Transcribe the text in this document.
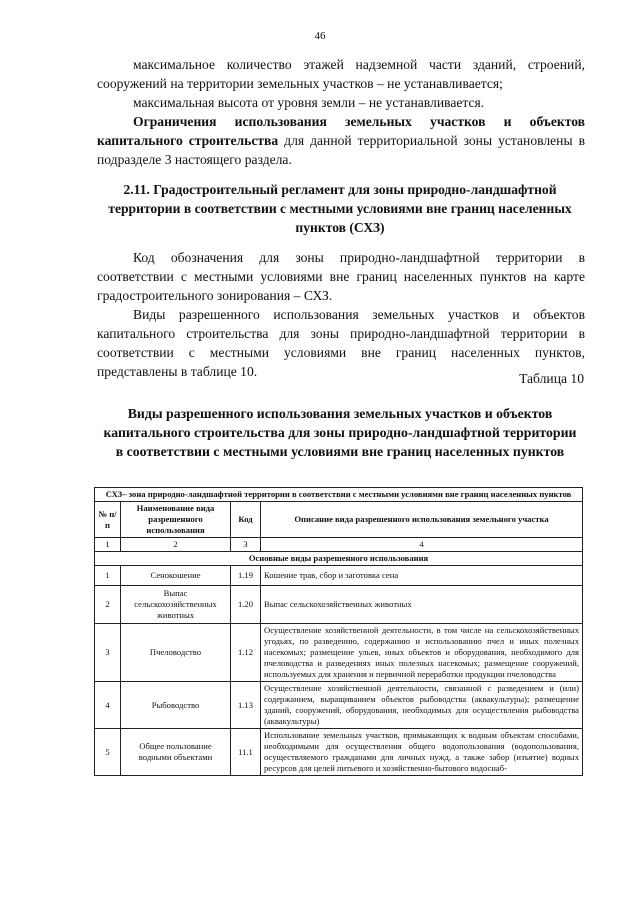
46

максимальное количество этажей надземной части зданий, строений, сооружений на территории земельных участков – не устанавливается;

максимальная высота от уровня земли – не устанавливается.

Ограничения использования земельных участков и объектов капитального строительства для данной территориальной зоны установлены в подразделе 3 настоящего раздела.

2.11. Градостроительный регламент для зоны природно-ландшафтной территории в соответствии с местными условиями вне границ населенных пунктов (СХЗ)

Код обозначения для зоны природно-ландшафтной территории в соответствии с местными условиями вне границ населенных пунктов на карте градостроительного зонирования – СХЗ.

Виды разрешенного использования земельных участков и объектов капитального строительства для зоны природно-ландшафтной территории в соответствии с местными условиями вне границ населенных пунктов, представлены в таблице 10.	Таблица 10
Виды разрешенного использования земельных участков и объектов капитального строительства для зоны природно-ландшафтной территории в соответствии с местными условиями вне границ населенных пунктов
СХЗ– зона природно-ландшафтной территории в соответствии с местными условиями вне границ населенных пунктов			
№ п/п	Наименование вида разрешенного использования	Код	Описание вида разрешенного использования земельного участка
1	2	3	4
Основные виды разрешенного использования			
1	Сенокошение	1.19	Кошение трав, сбор и заготовка сена
2	Выпас сельскохозяйственных животных	1.20	Выпас сельскохозяйственных животных
3	Пчеловодство	1.12	Осуществление хозяйственной деятельности, в том числе на сельскохозяйственных угодьях, по разведению, содержанию и использованию пчел и иных полезных насекомых; размещение ульев, иных объектов и оборудования, необходимого для пчеловодства и разведениях иных полезных насекомых; размещение сооружений, используемых для хранения и первичной переработки продукции пчеловодства
4	Рыбоводство	1.13	Осуществление хозяйственной деятельности, связанной с разведением и (или) содержанием, выращиванием объектов рыбоводства (аквакультуры); размещение зданий, сооружений, оборудования, необходимых для осуществления рыбоводства (аквакультуры)
5	Общее пользование водными объектами	11.1	Использование земельных участков, примыкающих к водным объектам способами, необходимыми для осуществления общего водопользования (водопользования, осуществляемого гражданами для личных нужд, а также забор (изъятие) водных ресурсов для целей питьевого и хозяйственно-бытового водоснаб-
